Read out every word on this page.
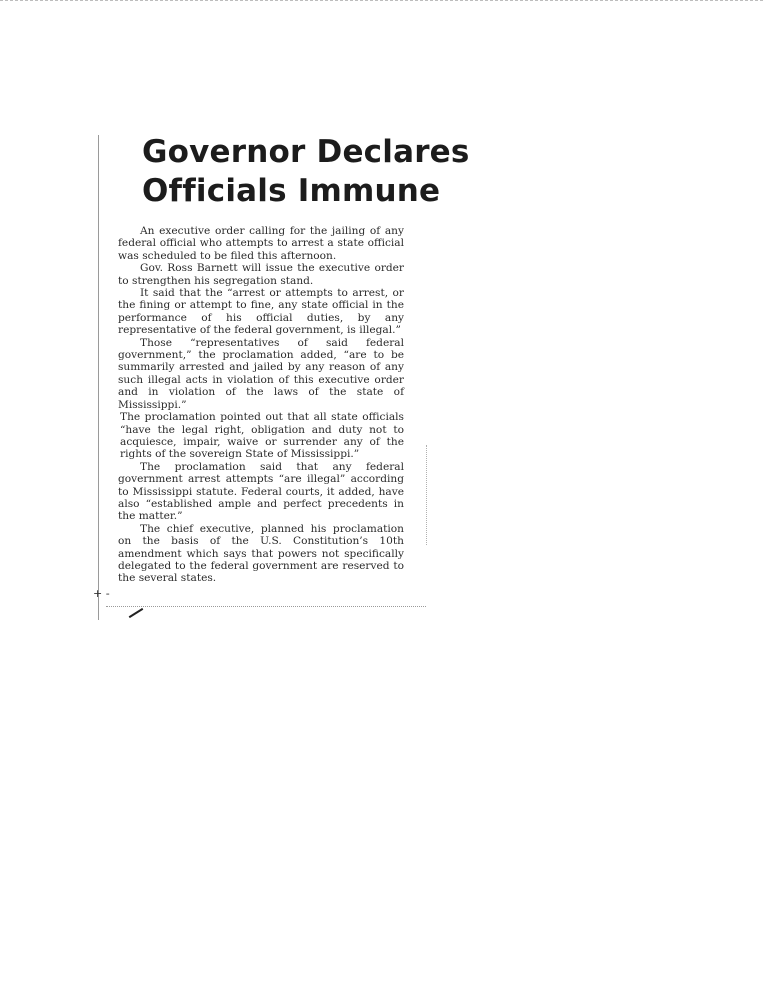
+ -
Governor Declares
Officials Immune

An executive order calling for the jailing of any federal official who attempts to arrest a state official was scheduled to be filed this afternoon.

Gov. Ross Barnett will issue the executive order to strengthen his segregation stand.

It said that the “arrest or attempts to arrest, or the fining or attempt to fine, any state official in the performance of his official duties, by any representative of the federal government, is illegal.”

Those “representatives of said federal government,” the proclamation added, “are to be summarily arrested and jailed by any reason of any such illegal acts in violation of this executive order and in violation of the laws of the state of Mississippi.”

The proclamation pointed out that all state officials “have the legal right, obligation and duty not to acquiesce, impair, waive or surrender any of the rights of the sovereign State of Mississippi.”

The proclamation said that any federal government arrest attempts “are illegal” according to Mississippi statute. Federal courts, it added, have also “established ample and perfect precedents in the matter.”

The chief executive, planned his proclamation on the basis of the U.S. Constitution’s 10th amendment which says that powers not specifically delegated to the federal government are reserved to the several states.
